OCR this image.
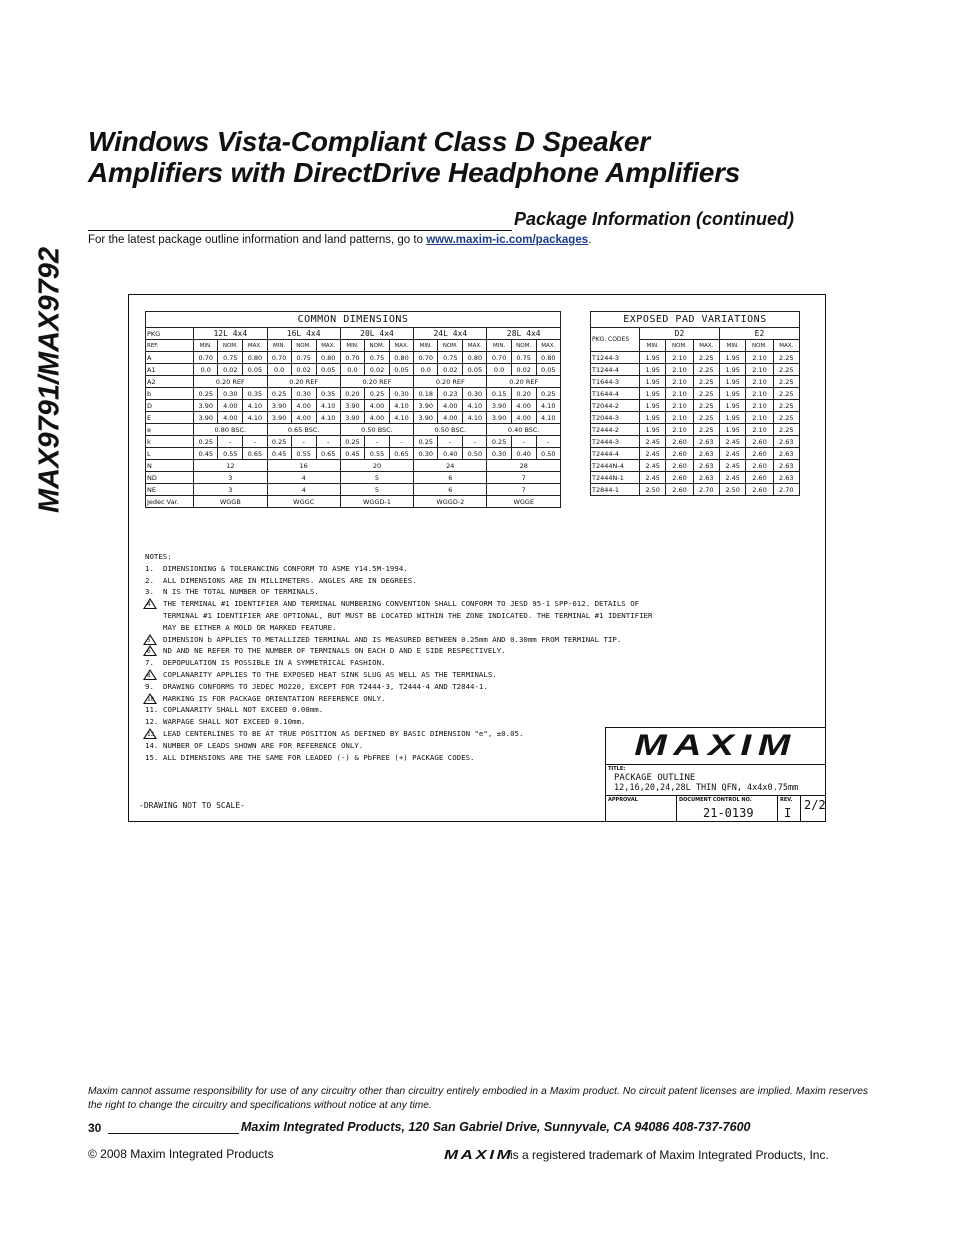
MAX9791/MAX9792
Windows Vista-Compliant Class D Speaker
Amplifiers with DirectDrive Headphone Amplifiers
Package Information (continued)
For the latest package outline information and land patterns, go to www.maxim-ic.com/packages.
COMMON DIMENSIONS															
PKG	12L 4x4			16L 4x4			20L 4x4			24L 4x4			28L 4x4		
REF.	MIN.	NOM.	MAX.	MIN.	NOM.	MAX.	MIN.	NOM.	MAX.	MIN.	NOM.	MAX.	MIN.	NOM.	MAX.
A	0.70	0.75	0.80	0.70	0.75	0.80	0.70	0.75	0.80	0.70	0.75	0.80	0.70	0.75	0.80
A1	0.0	0.02	0.05	0.0	0.02	0.05	0.0	0.02	0.05	0.0	0.02	0.05	0.0	0.02	0.05
A2	0.20 REF			0.20 REF			0.20 REF			0.20 REF			0.20 REF		
b	0.25	0.30	0.35	0.25	0.30	0.35	0.20	0.25	0.30	0.18	0.23	0.30	0.15	0.20	0.25
D	3.90	4.00	4.10	3.90	4.00	4.10	3.90	4.00	4.10	3.90	4.00	4.10	3.90	4.00	4.10
E	3.90	4.00	4.10	3.90	4.00	4.10	3.90	4.00	4.10	3.90	4.00	4.10	3.90	4.00	4.10
e	0.80 BSC.			0.65 BSC.			0.50 BSC.			0.50 BSC.			0.40 BSC.		
k	0.25	-	-	0.25	-	-	0.25	-	-	0.25	-	-	0.25	-	-
L	0.45	0.55	0.65	0.45	0.55	0.65	0.45	0.55	0.65	0.30	0.40	0.50	0.30	0.40	0.50
N	12			16			20			24			28		
ND	3			4			5			6			7		
NE	3			4			5			6			7		
Jedec Var.	WGGB			WGGC			WGGD-1			WGGD-2			WGGE		
EXPOSED PAD VARIATIONS						
PKG. CODES	D2			E2		
	MIN.	NOM.	MAX.	MIN.	NOM.	MAX.
T1244-3	1.95	2.10	2.25	1.95	2.10	2.25
T1244-4	1.95	2.10	2.25	1.95	2.10	2.25
T1644-3	1.95	2.10	2.25	1.95	2.10	2.25
T1644-4	1.95	2.10	2.25	1.95	2.10	2.25
T2044-2	1.95	2.10	2.25	1.95	2.10	2.25
T2044-3	1.95	2.10	2.25	1.95	2.10	2.25
T2444-2	1.95	2.10	2.25	1.95	2.10	2.25
T2444-3	2.45	2.60	2.63	2.45	2.60	2.63
T2444-4	2.45	2.60	2.63	2.45	2.60	2.63
T2444N-4	2.45	2.60	2.63	2.45	2.60	2.63
T2444N-1	2.45	2.60	2.63	2.45	2.60	2.63
T2844-1	2.50	2.60	2.70	2.50	2.60	2.70
NOTES:
1.	DIMENSIONING & TOLERANCING CONFORM TO ASME Y14.5M-1994.
2.	ALL DIMENSIONS ARE IN MILLIMETERS. ANGLES ARE IN DEGREES.
3.	N IS THE TOTAL NUMBER OF TERMINALS.
4 THE TERMINAL #1 IDENTIFIER AND TERMINAL NUMBERING CONVENTION SHALL CONFORM TO JESD 95-1 SPP-012. DETAILS OF
TERMINAL #1 IDENTIFIER ARE OPTIONAL, BUT MUST BE LOCATED WITHIN THE ZONE INDICATED. THE TERMINAL #1 IDENTIFIER
MAY BE EITHER A MOLD OR MARKED FEATURE.
5 DIMENSION b APPLIES TO METALLIZED TERMINAL AND IS MEASURED BETWEEN 0.25mm AND 0.30mm FROM TERMINAL TIP.
6 ND AND NE REFER TO THE NUMBER OF TERMINALS ON EACH D AND E SIDE RESPECTIVELY.
7.	DEPOPULATION IS POSSIBLE IN A SYMMETRICAL FASHION.
8 COPLANARITY APPLIES TO THE EXPOSED HEAT SINK SLUG AS WELL AS THE TERMINALS.
9.	DRAWING CONFORMS TO JEDEC MO220, EXCEPT FOR T2444-3, T2444-4 AND T2844-1.
10 MARKING IS FOR PACKAGE ORIENTATION REFERENCE ONLY.
11. COPLANARITY SHALL NOT EXCEED 0.08mm.
12. WARPAGE SHALL NOT EXCEED 0.10mm.
13 LEAD CENTERLINES TO BE AT TRUE POSITION AS DEFINED BY BASIC DIMENSION "e", ±0.05.
14. NUMBER OF LEADS SHOWN ARE FOR REFERENCE ONLY.
15. ALL DIMENSIONS ARE THE SAME FOR LEADED (-) & PbFREE (+) PACKAGE CODES.
-DRAWING NOT TO SCALE-
MAXIM
TITLE:
PACKAGE OUTLINE
12,16,20,24,28L THIN QFN, 4x4x0.75mm
APPROVAL	DOCUMENT CONTROL NO.
21-0139
REV.
I
2/2
Maxim cannot assume responsibility for use of any circuitry other than circuitry entirely embodied in a Maxim product. No circuit patent licenses are implied. Maxim reserves the right to change the circuitry and specifications without notice at any time.
30	Maxim Integrated Products, 120 San Gabriel Drive, Sunnyvale, CA 94086 408-737-7600
© 2008 Maxim Integrated Products	MAXIM
is a registered trademark of Maxim Integrated Products, Inc.
